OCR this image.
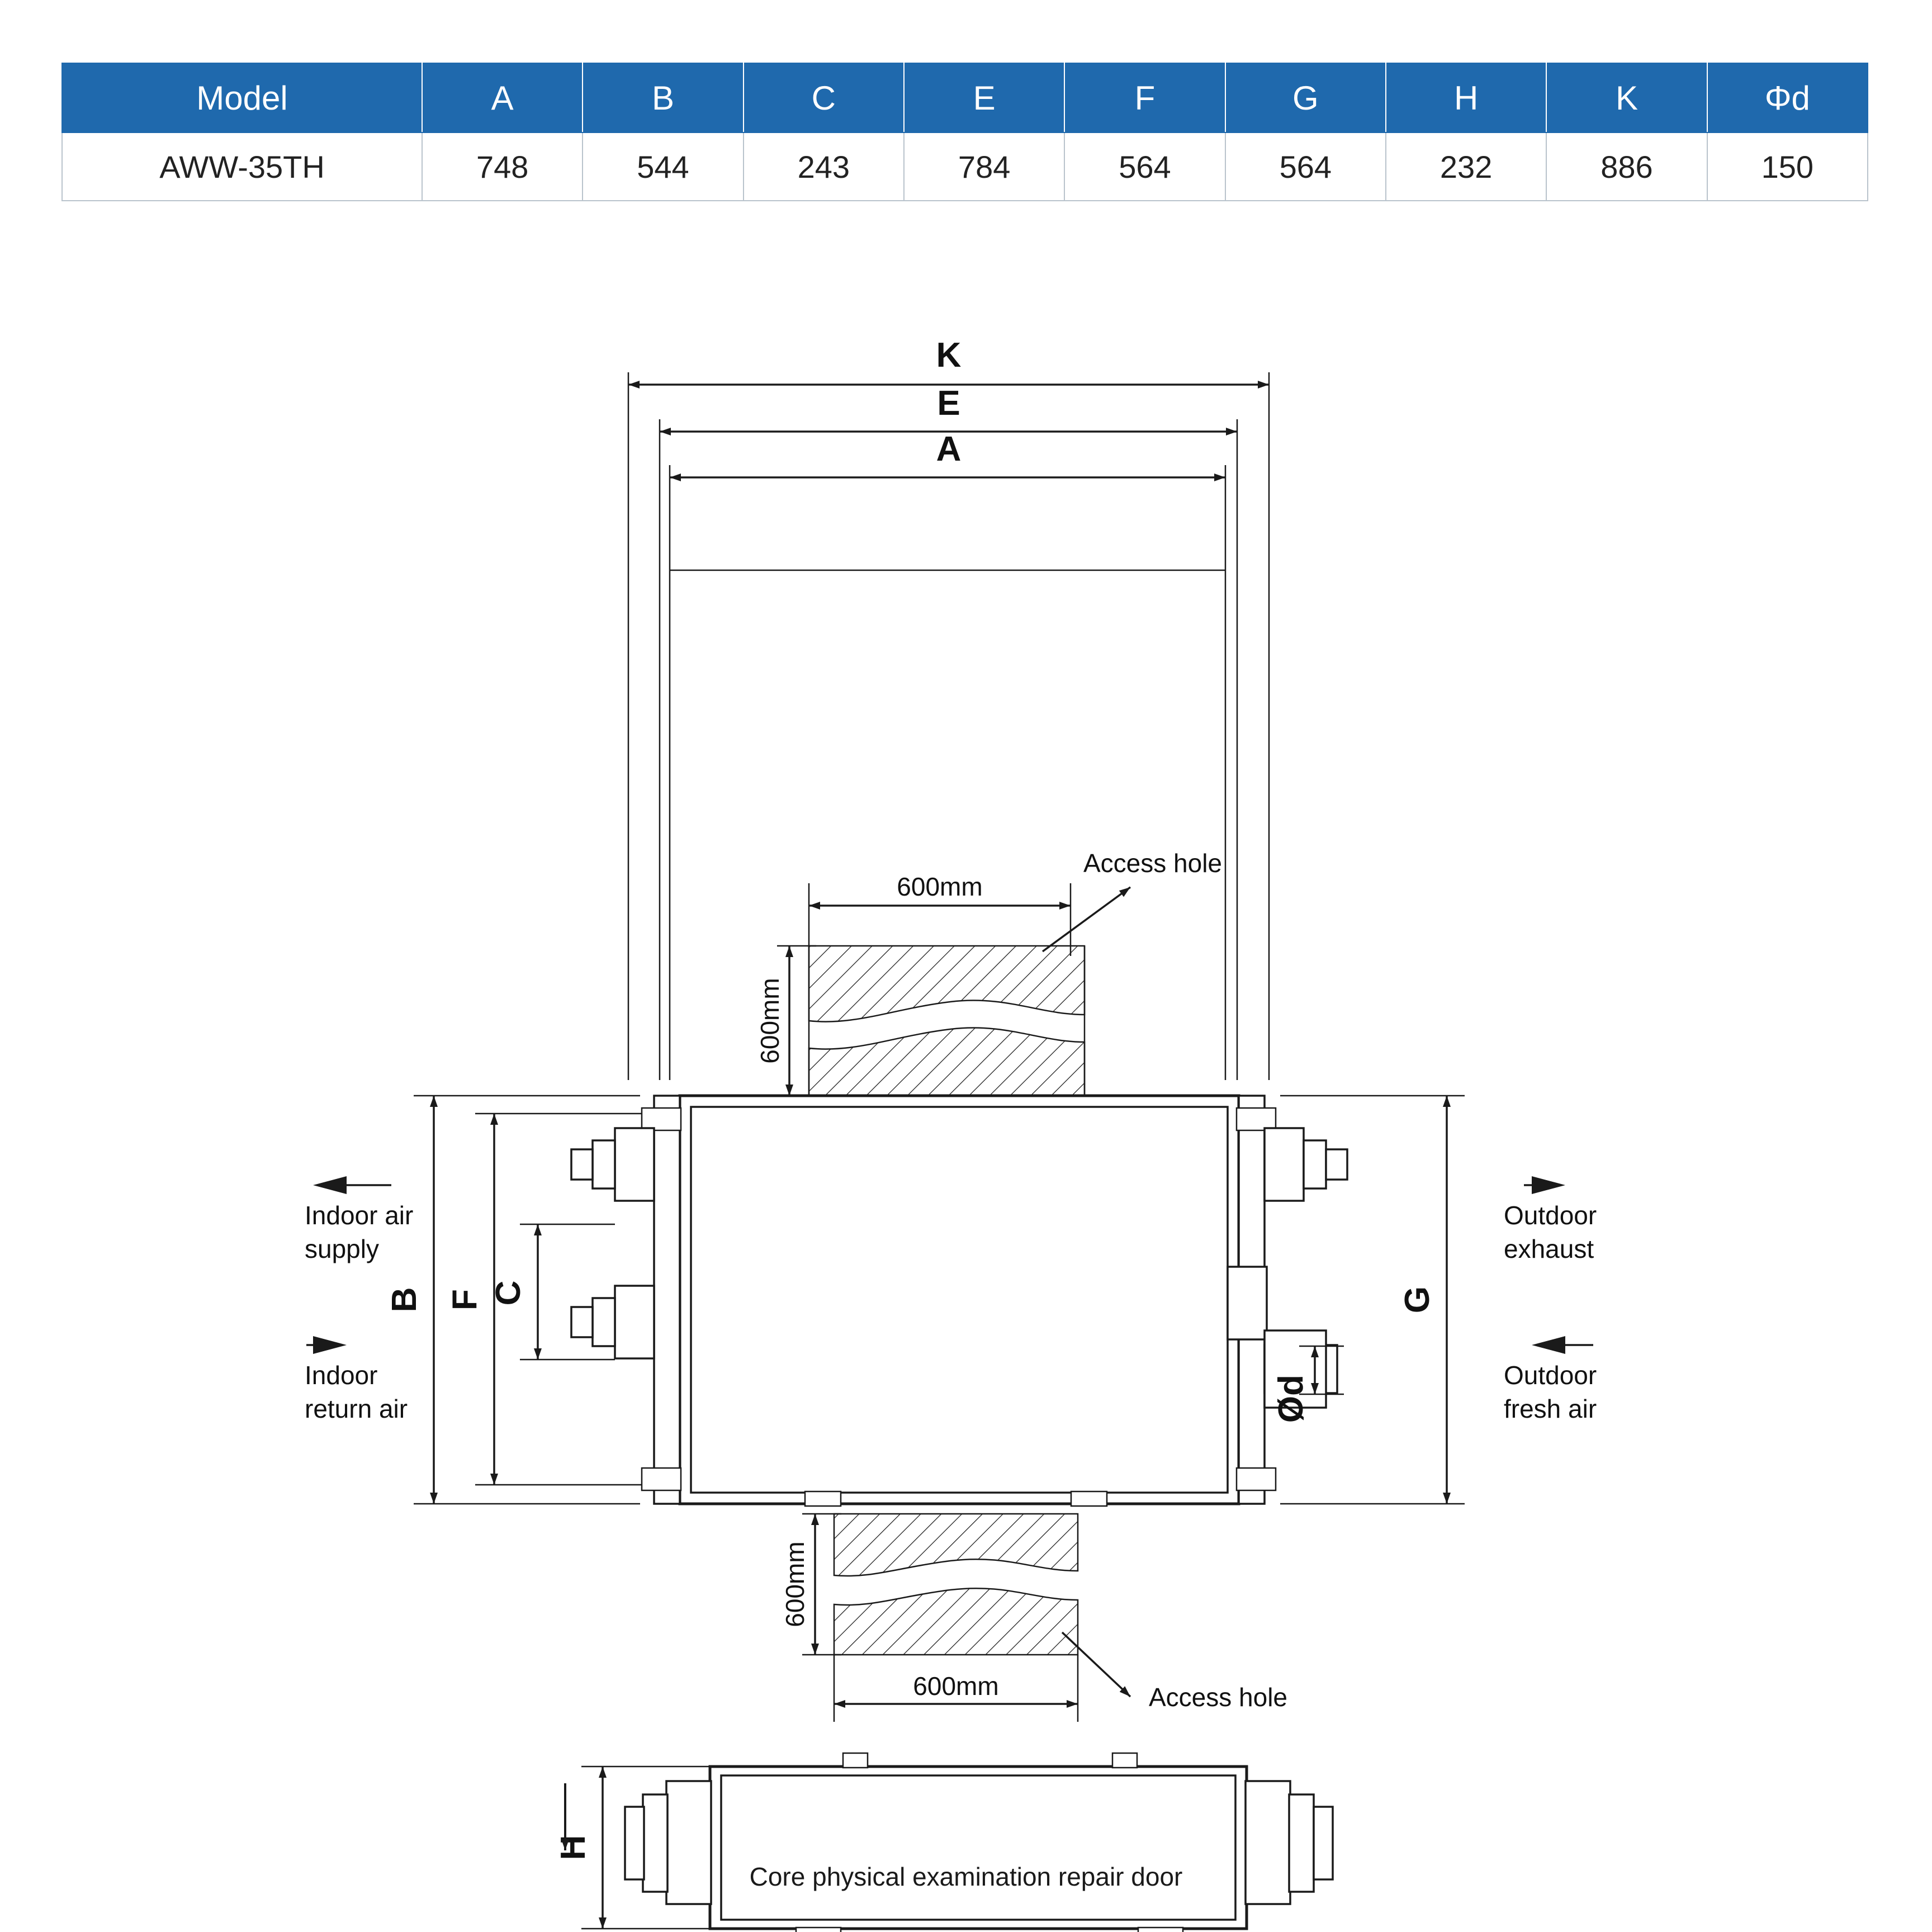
Model	A	B	C	E	F	G	H	K	Φd
AWW-35TH	748	544	243	784	564	564	232	886	150
K
E
A
600mm
600mm
Access hole
B F C	G
Ød
Indoor air
supply
Indoor
return air
Outdoor
exhaust
Outdoor
fresh air
600mm
600mm	Access hole
H
Core physical examination repair door
